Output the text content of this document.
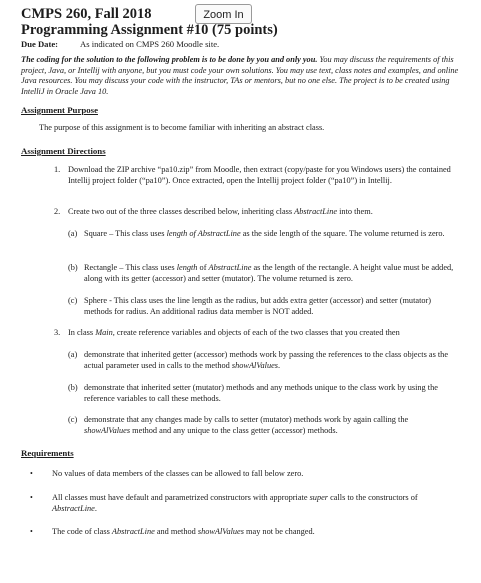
CMPS 260, Fall 2018	Zoom In
Programming Assignment #10 (75 points)
Due Date:	As indicated on CMPS 260 Moodle site.
The coding for the solution to the following problem is to be done by you and only you. You may discuss the requirements of this project, Java, or Intellij with anyone, but you must code your own solutions. You may use text, class notes and examples, and online Java resources. You may discuss your code with the instructor, TAs or mentors, but no one else. The project is to be created using IntelliJ in Oracle Java 10.
Assignment Purpose
The purpose of this assignment is to become familiar with inheriting an abstract class.
Assignment Directions
1. Download the ZIP archive “pa10.zip” from Moodle, then extract (copy/paste for you Windows users) the contained Intellij project folder (“pa10”). Once extracted, open the Intellij project folder (“pa10”) in Intellij.
2. Create two out of the three classes described below, inheriting class AbstractLine into them.
(a) Square – This class uses length of AbstractLine as the side length of the square. The volume returned is zero.
(b) Rectangle – This class uses length of AbstractLine as the length of the rectangle. A height value must be added, along with its getter (accessor) and setter (mutator). The volume returned is zero.
(c) Sphere - This class uses the line length as the radius, but adds extra getter (accessor) and setter (mutator) methods for radius. An additional radius data member is NOT added.
3. In class Main, create reference variables and objects of each of the two classes that you created then
(a) demonstrate that inherited getter (accessor) methods work by passing the references to the class objects as the actual parameter used in calls to the method showAlValues.
(b) demonstrate that inherited setter (mutator) methods and any methods unique to the class work by using the reference variables to call these methods.
(c) demonstrate that any changes made by calls to setter (mutator) methods work by again calling the showAlValues method and any unique to the class getter (accessor) methods.
Requirements
• No values of data members of the classes can be allowed to fall below zero.
• All classes must have default and parametrized constructors with appropriate super calls to the constructors of AbstractLine.
• The code of class AbstractLine and method showAlValues may not be changed.
